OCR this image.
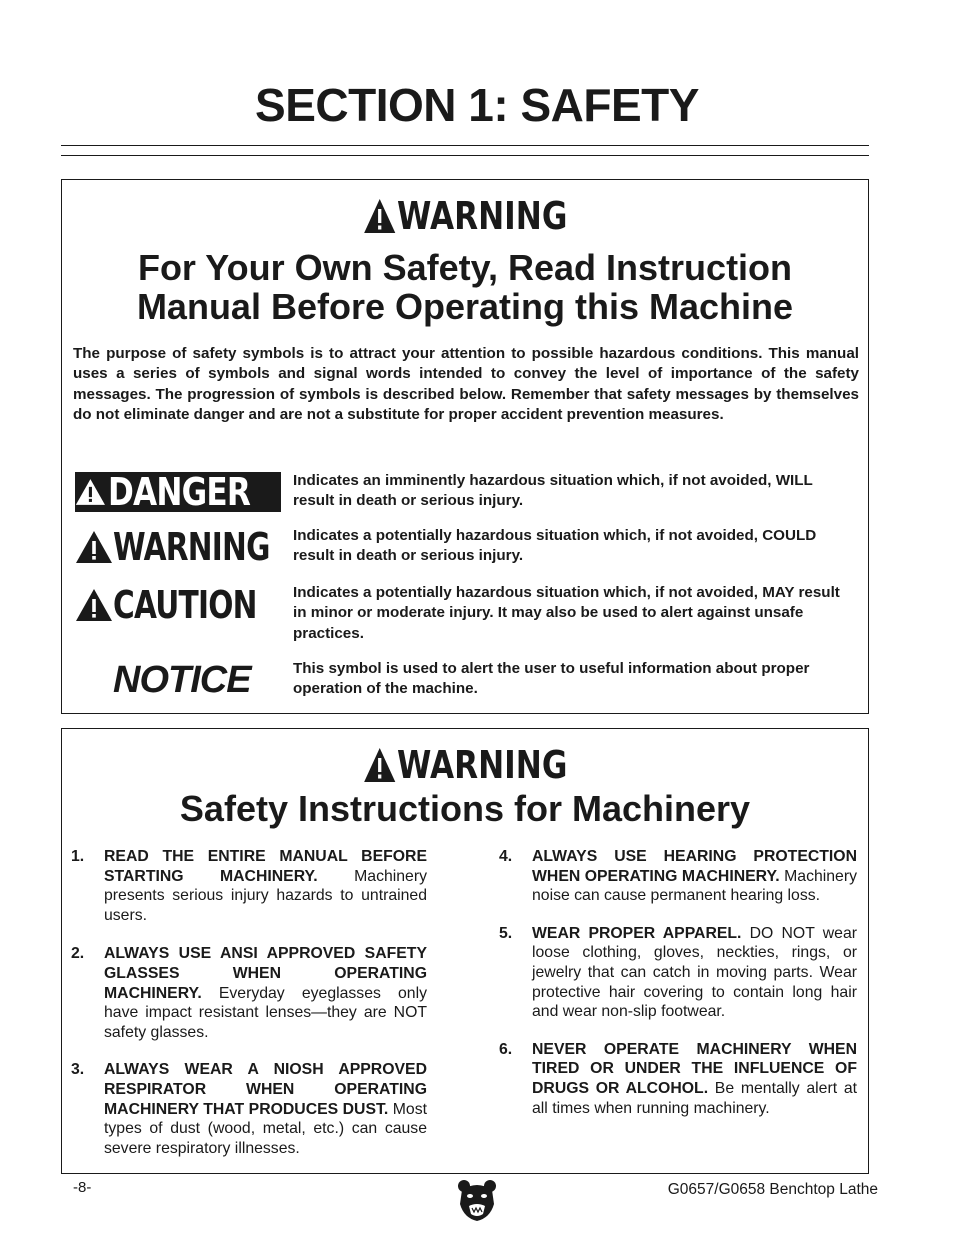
SECTION 1: SAFETY
WARNING
For Your Own Safety, Read Instruction
Manual Before Operating this Machine
The purpose of safety symbols is to attract your attention to possible hazardous conditions. This manual uses a series of symbols and signal words intended to convey the level of importance of the safety messages. The progression of symbols is described below. Remember that safety messages by themselves do not eliminate danger and are not a substitute for proper accident prevention measures.
DANGER	Indicates an imminently hazardous situation which, if not avoided, WILL result in death or serious injury.
WARNING Indicates a potentially hazardous situation which, if not avoided, COULD result in death or serious injury.
CAUTION Indicates a potentially hazardous situation which, if not avoided, MAY result in minor or moderate injury. It may also be used to alert against unsafe practices.
NOTICE	This symbol is used to alert the user to useful information about proper operation of the machine.
WARNING
Safety Instructions for Machinery
1. READ THE ENTIRE MANUAL BEFORE STARTING MACHINERY. Machinery presents serious injury hazards to untrained users.
2. ALWAYS USE ANSI APPROVED SAFETY GLASSES WHEN OPERATING MACHINERY. Everyday eyeglasses only have impact resistant lenses—they are NOT safety glasses.
3. ALWAYS WEAR A NIOSH APPROVED RESPIRATOR WHEN OPERATING MACHINERY THAT PRODUCES DUST. Most types of dust (wood, metal, etc.) can cause severe respiratory illnesses.
4. ALWAYS USE HEARING PROTECTION WHEN OPERATING MACHINERY. Machinery noise can cause permanent hearing loss.
5. WEAR PROPER APPAREL. DO NOT wear loose clothing, gloves, neckties, rings, or jewelry that can catch in moving parts. Wear protective hair covering to contain long hair and wear non-slip footwear.
6. NEVER OPERATE MACHINERY WHEN TIRED OR UNDER THE INFLUENCE OF DRUGS OR ALCOHOL. Be mentally alert at all times when running machinery.
-8-	G0657/G0658 Benchtop Lathe
